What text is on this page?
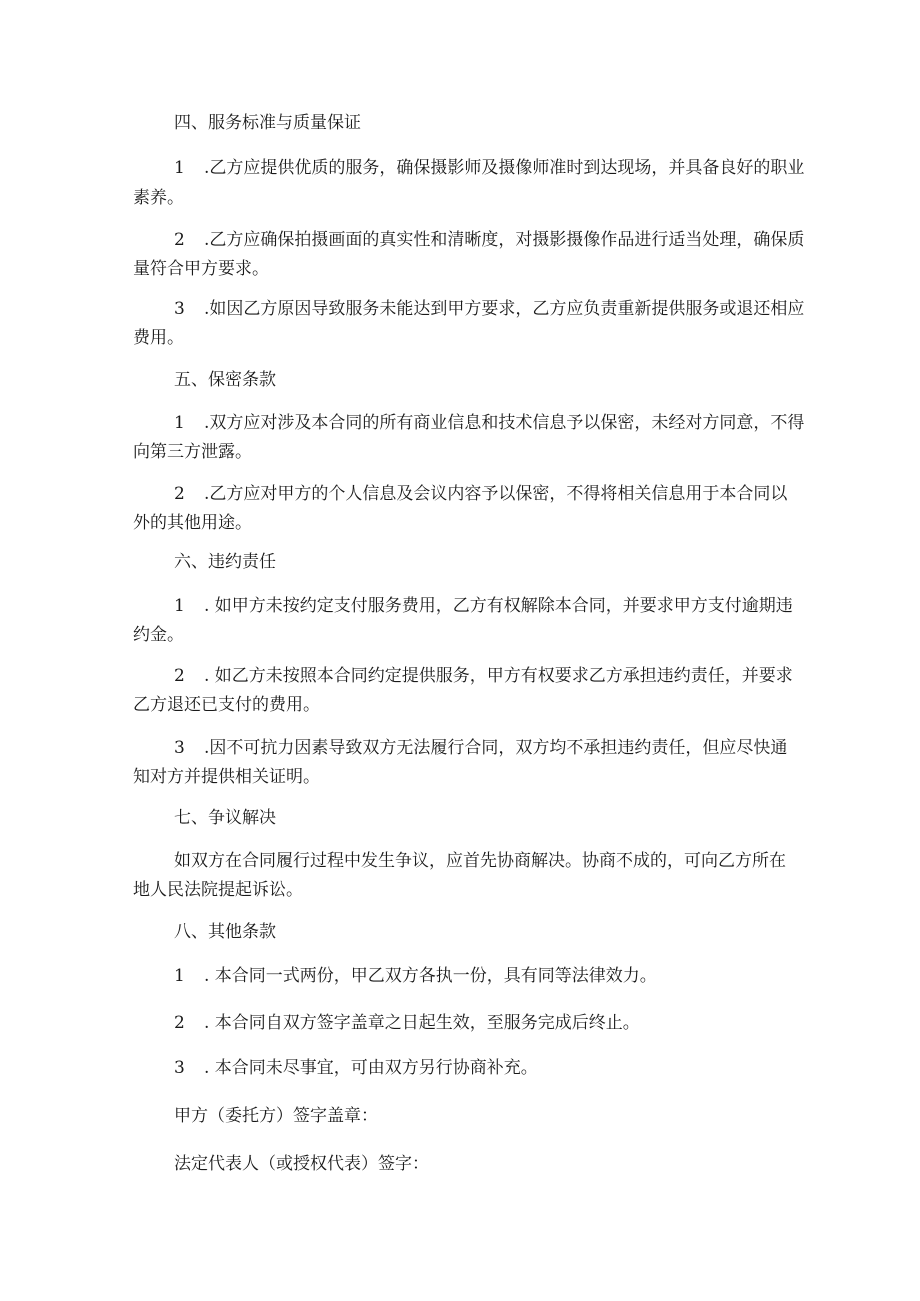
四、服务标准与质量保证
1 .乙方应提供优质的服务，确保摄影师及摄像师准时到达现场，并具备良好的职业
素养。
2 .乙方应确保拍摄画面的真实性和清晰度，对摄影摄像作品进行适当处理，确保质
量符合甲方要求。
3 .如因乙方原因导致服务未能达到甲方要求，乙方应负责重新提供服务或退还相应
费用。
五、保密条款
1 .双方应对涉及本合同的所有商业信息和技术信息予以保密，未经对方同意，不得
向第三方泄露。
2 .乙方应对甲方的个人信息及会议内容予以保密，不得将相关信息用于本合同以
外的其他用途。
六、违约责任
1 . 如甲方未按约定支付服务费用，乙方有权解除本合同，并要求甲方支付逾期违
约金。
2 . 如乙方未按照本合同约定提供服务，甲方有权要求乙方承担违约责任，并要求
乙方退还已支付的费用。
3 .因不可抗力因素导致双方无法履行合同，双方均不承担违约责任，但应尽快通
知对方并提供相关证明。
七、争议解决
如双方在合同履行过程中发生争议，应首先协商解决。协商不成的，可向乙方所在
地人民法院提起诉讼。
八、其他条款
1 . 本合同一式两份，甲乙双方各执一份，具有同等法律效力。
2 . 本合同自双方签字盖章之日起生效，至服务完成后终止。
3 . 本合同未尽事宜，可由双方另行协商补充。
甲方（委托方）签字盖章：
法定代表人（或授权代表）签字：
